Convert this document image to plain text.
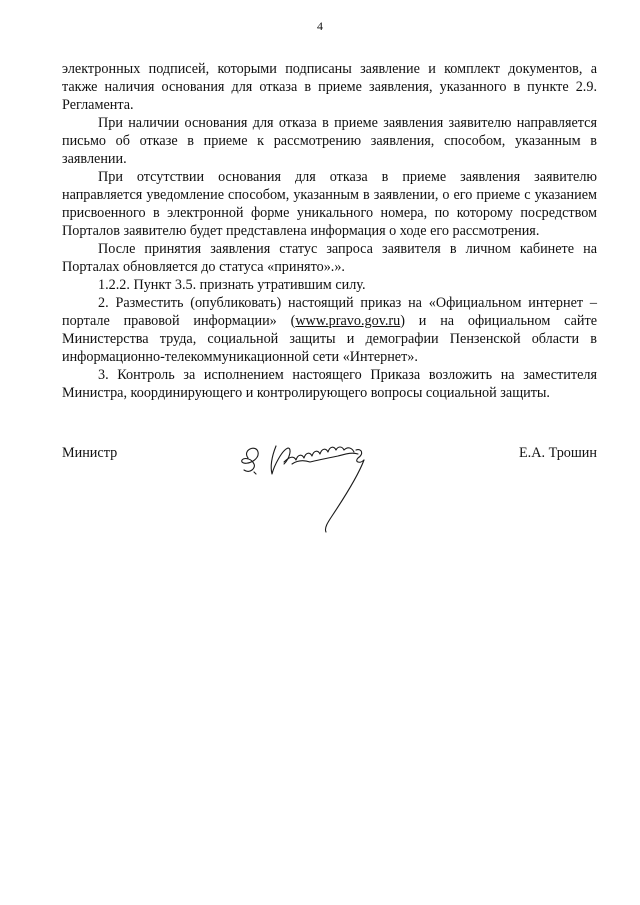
4

электронных подписей, которыми подписаны заявление и комплект документов, а также наличия основания для отказа в приеме заявления, указанного в пункте 2.9. Регламента.

При наличии основания для отказа в приеме заявления заявителю направляется письмо об отказе в приеме к рассмотрению заявления, способом, указанным в заявлении.

При отсутствии основания для отказа в приеме заявления заявителю направляется уведомление способом, указанным в заявлении, о его приеме с указанием присвоенного в электронной форме уникального номера, по которому посредством Порталов заявителю будет представлена информация о ходе его рассмотрения.

После принятия заявления статус запроса заявителя в личном кабинете на Порталах обновляется до статуса «принято».».

1.2.2. Пункт 3.5. признать утратившим силу.

2. Разместить (опубликовать) настоящий приказ на «Официальном интернет – портале правовой информации» (www.pravo.gov.ru) и на официальном сайте Министерства труда, социальной защиты и демографии Пензенской области в информационно-телекоммуникационной сети «Интернет».

3. Контроль за исполнением настоящего Приказа возложить на заместителя Министра, координирующего и контролирующего вопросы социальной защиты.

Министр	Е.А. Трошин
